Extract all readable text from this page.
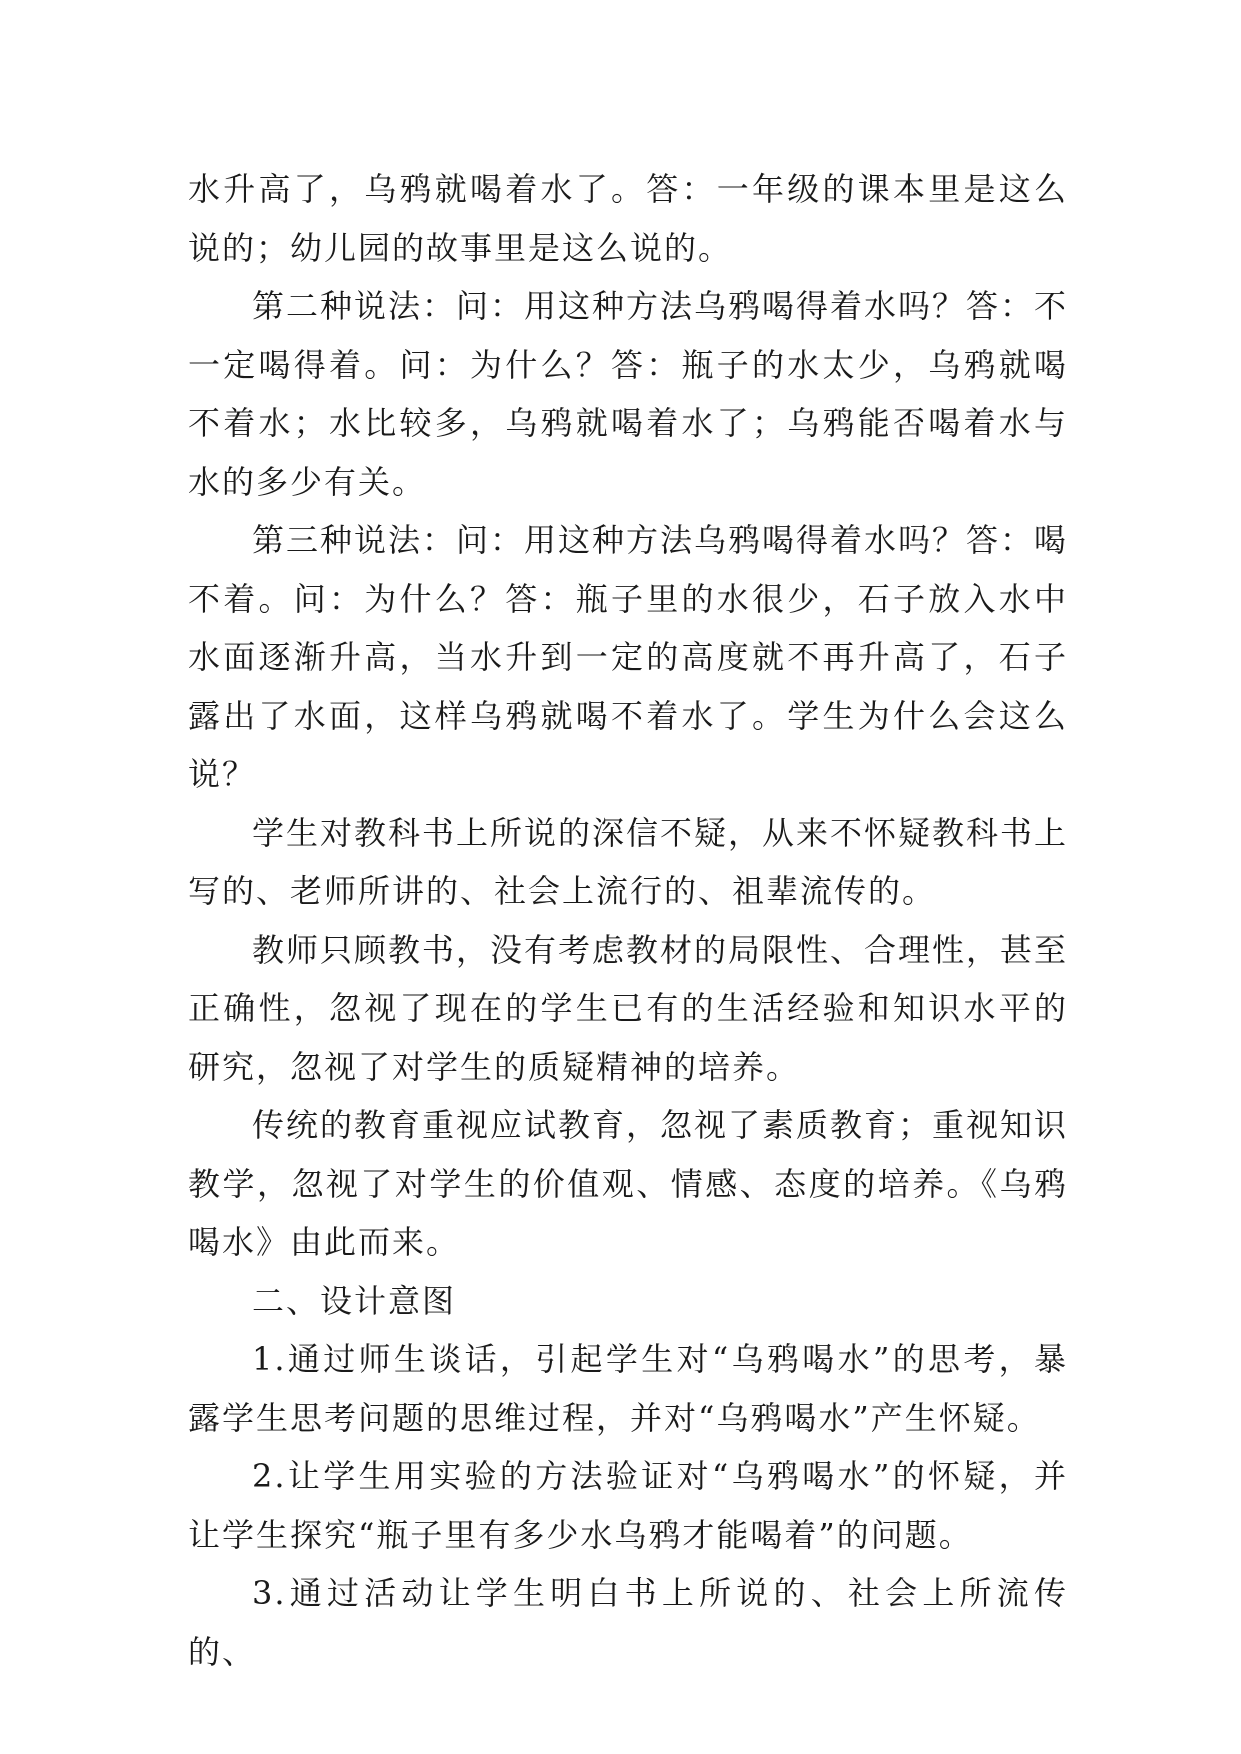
水升高了，乌鸦就喝着水了。答：一年级的课本里是这么说的；幼儿园的故事里是这么说的。

第二种说法：问：用这种方法乌鸦喝得着水吗？答：不一定喝得着。问：为什么？答：瓶子的水太少，乌鸦就喝不着水；水比较多，乌鸦就喝着水了；乌鸦能否喝着水与水的多少有关。

第三种说法：问：用这种方法乌鸦喝得着水吗？答：喝不着。问：为什么？答：瓶子里的水很少，石子放入水中水面逐渐升高，当水升到一定的高度就不再升高了，石子露出了水面，这样乌鸦就喝不着水了。学生为什么会这么说？

学生对教科书上所说的深信不疑，从来不怀疑教科书上写的、老师所讲的、社会上流行的、祖辈流传的。

教师只顾教书，没有考虑教材的局限性、合理性，甚至正确性，忽视了现在的学生已有的生活经验和知识水平的研究，忽视了对学生的质疑精神的培养。

传统的教育重视应试教育，忽视了素质教育；重视知识教学，忽视了对学生的价值观、情感、态度的培养。《乌鸦喝水》由此而来。

二、设计意图

1.通过师生谈话，引起学生对“乌鸦喝水”的思考，暴露学生思考问题的思维过程，并对“乌鸦喝水”产生怀疑。

2.让学生用实验的方法验证对“乌鸦喝水”的怀疑，并让学生探究“瓶子里有多少水乌鸦才能喝着”的问题。

3.通过活动让学生明白书上所说的、社会上所流传的、
